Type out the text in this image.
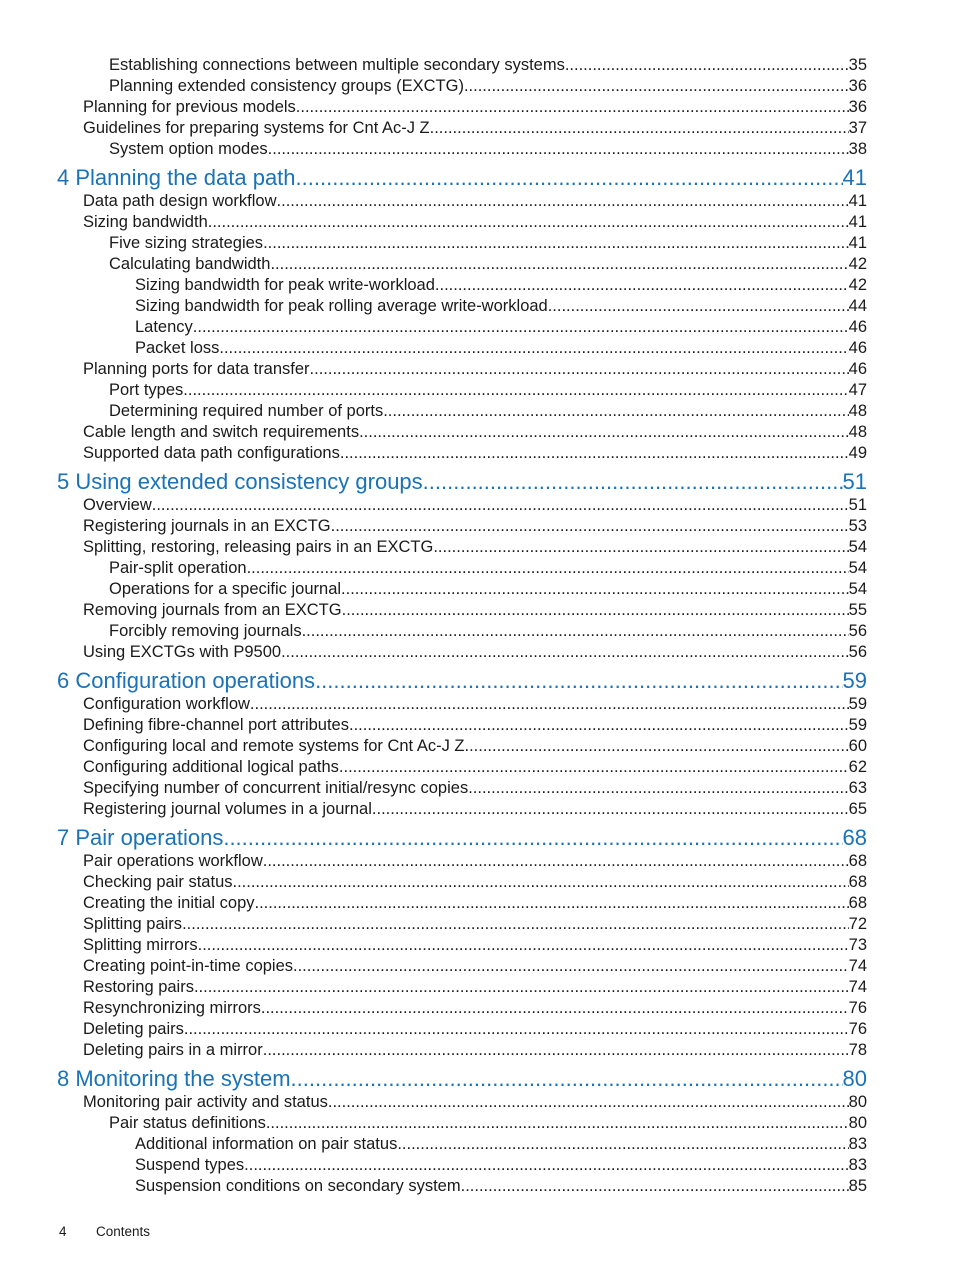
Establishing connections between multiple secondary systems .....	35
Planning extended consistency groups (EXCTG) .....	36
Planning for previous models .....	36
Guidelines for preparing systems for Cnt Ac-J Z .....	37
System option modes .....	38
4 Planning the data path .....	41
Data path design workflow .....	41
Sizing bandwidth .....	41
Five sizing strategies .....	41
Calculating bandwidth .....	42
Sizing bandwidth for peak write-workload .....	42
Sizing bandwidth for peak rolling average write-workload .....	44
Latency .....	46
Packet loss .....	46
Planning ports for data transfer .....	46
Port types .....	47
Determining required number of ports .....	48
Cable length and switch requirements .....	48
Supported data path configurations .....	49
5 Using extended consistency groups .....	51
Overview .....	51
Registering journals in an EXCTG .....	53
Splitting, restoring, releasing pairs in an EXCTG .....	54
Pair-split operation .....	54
Operations for a specific journal .....	54
Removing journals from an EXCTG .....	55
Forcibly removing journals .....	56
Using EXCTGs with P9500 .....	56
6 Configuration operations .....	59
Configuration workflow .....	59
Defining fibre-channel port attributes .....	59
Configuring local and remote systems for Cnt Ac-J Z .....	60
Configuring additional logical paths .....	62
Specifying number of concurrent initial/resync copies .....	63
Registering journal volumes in a journal .....	65
7 Pair operations .....	68
Pair operations workflow .....	68
Checking pair status .....	68
Creating the initial copy .....	68
Splitting pairs .....	72
Splitting mirrors .....	73
Creating point-in-time copies .....	74
Restoring pairs .....	74
Resynchronizing mirrors .....	76
Deleting pairs .....	76
Deleting pairs in a mirror .....	78
8 Monitoring the system .....	80
Monitoring pair activity and status .....	80
Pair status definitions .....	80
Additional information on pair status .....	83
Suspend types .....	83
Suspension conditions on secondary system .....	85
4 Contents
